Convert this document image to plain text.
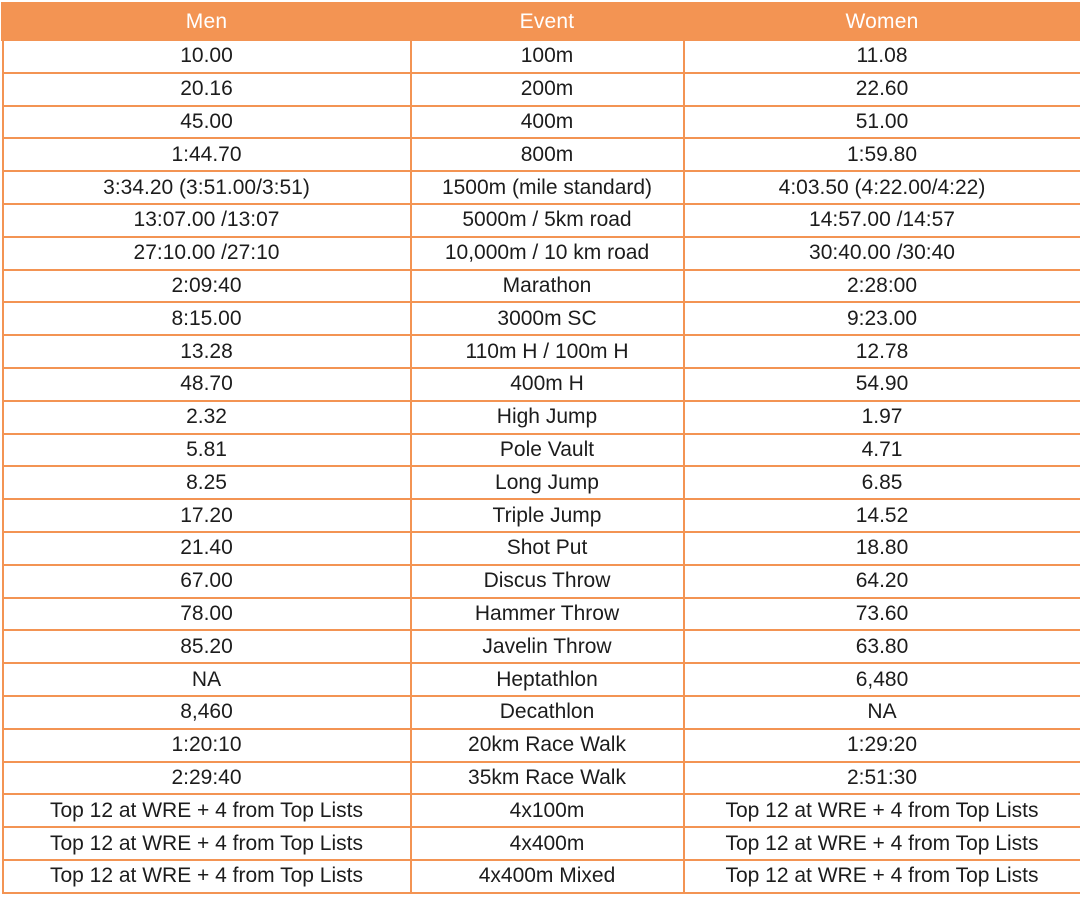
Men	Event	Women
10.00	100m	11.08
20.16	200m	22.60
45.00	400m	51.00
1:44.70	800m	1:59.80
3:34.20 (3:51.00/3:51)	1500m (mile standard)	4:03.50 (4:22.00/4:22)
13:07.00 /13:07	5000m / 5km road	14:57.00 /14:57
27:10.00 /27:10	10,000m / 10 km road	30:40.00 /30:40
2:09:40	Marathon	2:28:00
8:15.00	3000m SC	9:23.00
13.28	110m H / 100m H	12.78
48.70	400m H	54.90
2.32	High Jump	1.97
5.81	Pole Vault	4.71
8.25	Long Jump	6.85
17.20	Triple Jump	14.52
21.40	Shot Put	18.80
67.00	Discus Throw	64.20
78.00	Hammer Throw	73.60
85.20	Javelin Throw	63.80
NA	Heptathlon	6,480
8,460	Decathlon	NA
1:20:10	20km Race Walk	1:29:20
2:29:40	35km Race Walk	2:51:30
Top 12 at WRE + 4 from Top Lists	4x100m	Top 12 at WRE + 4 from Top Lists
Top 12 at WRE + 4 from Top Lists	4x400m	Top 12 at WRE + 4 from Top Lists
Top 12 at WRE + 4 from Top Lists	4x400m Mixed	Top 12 at WRE + 4 from Top Lists
